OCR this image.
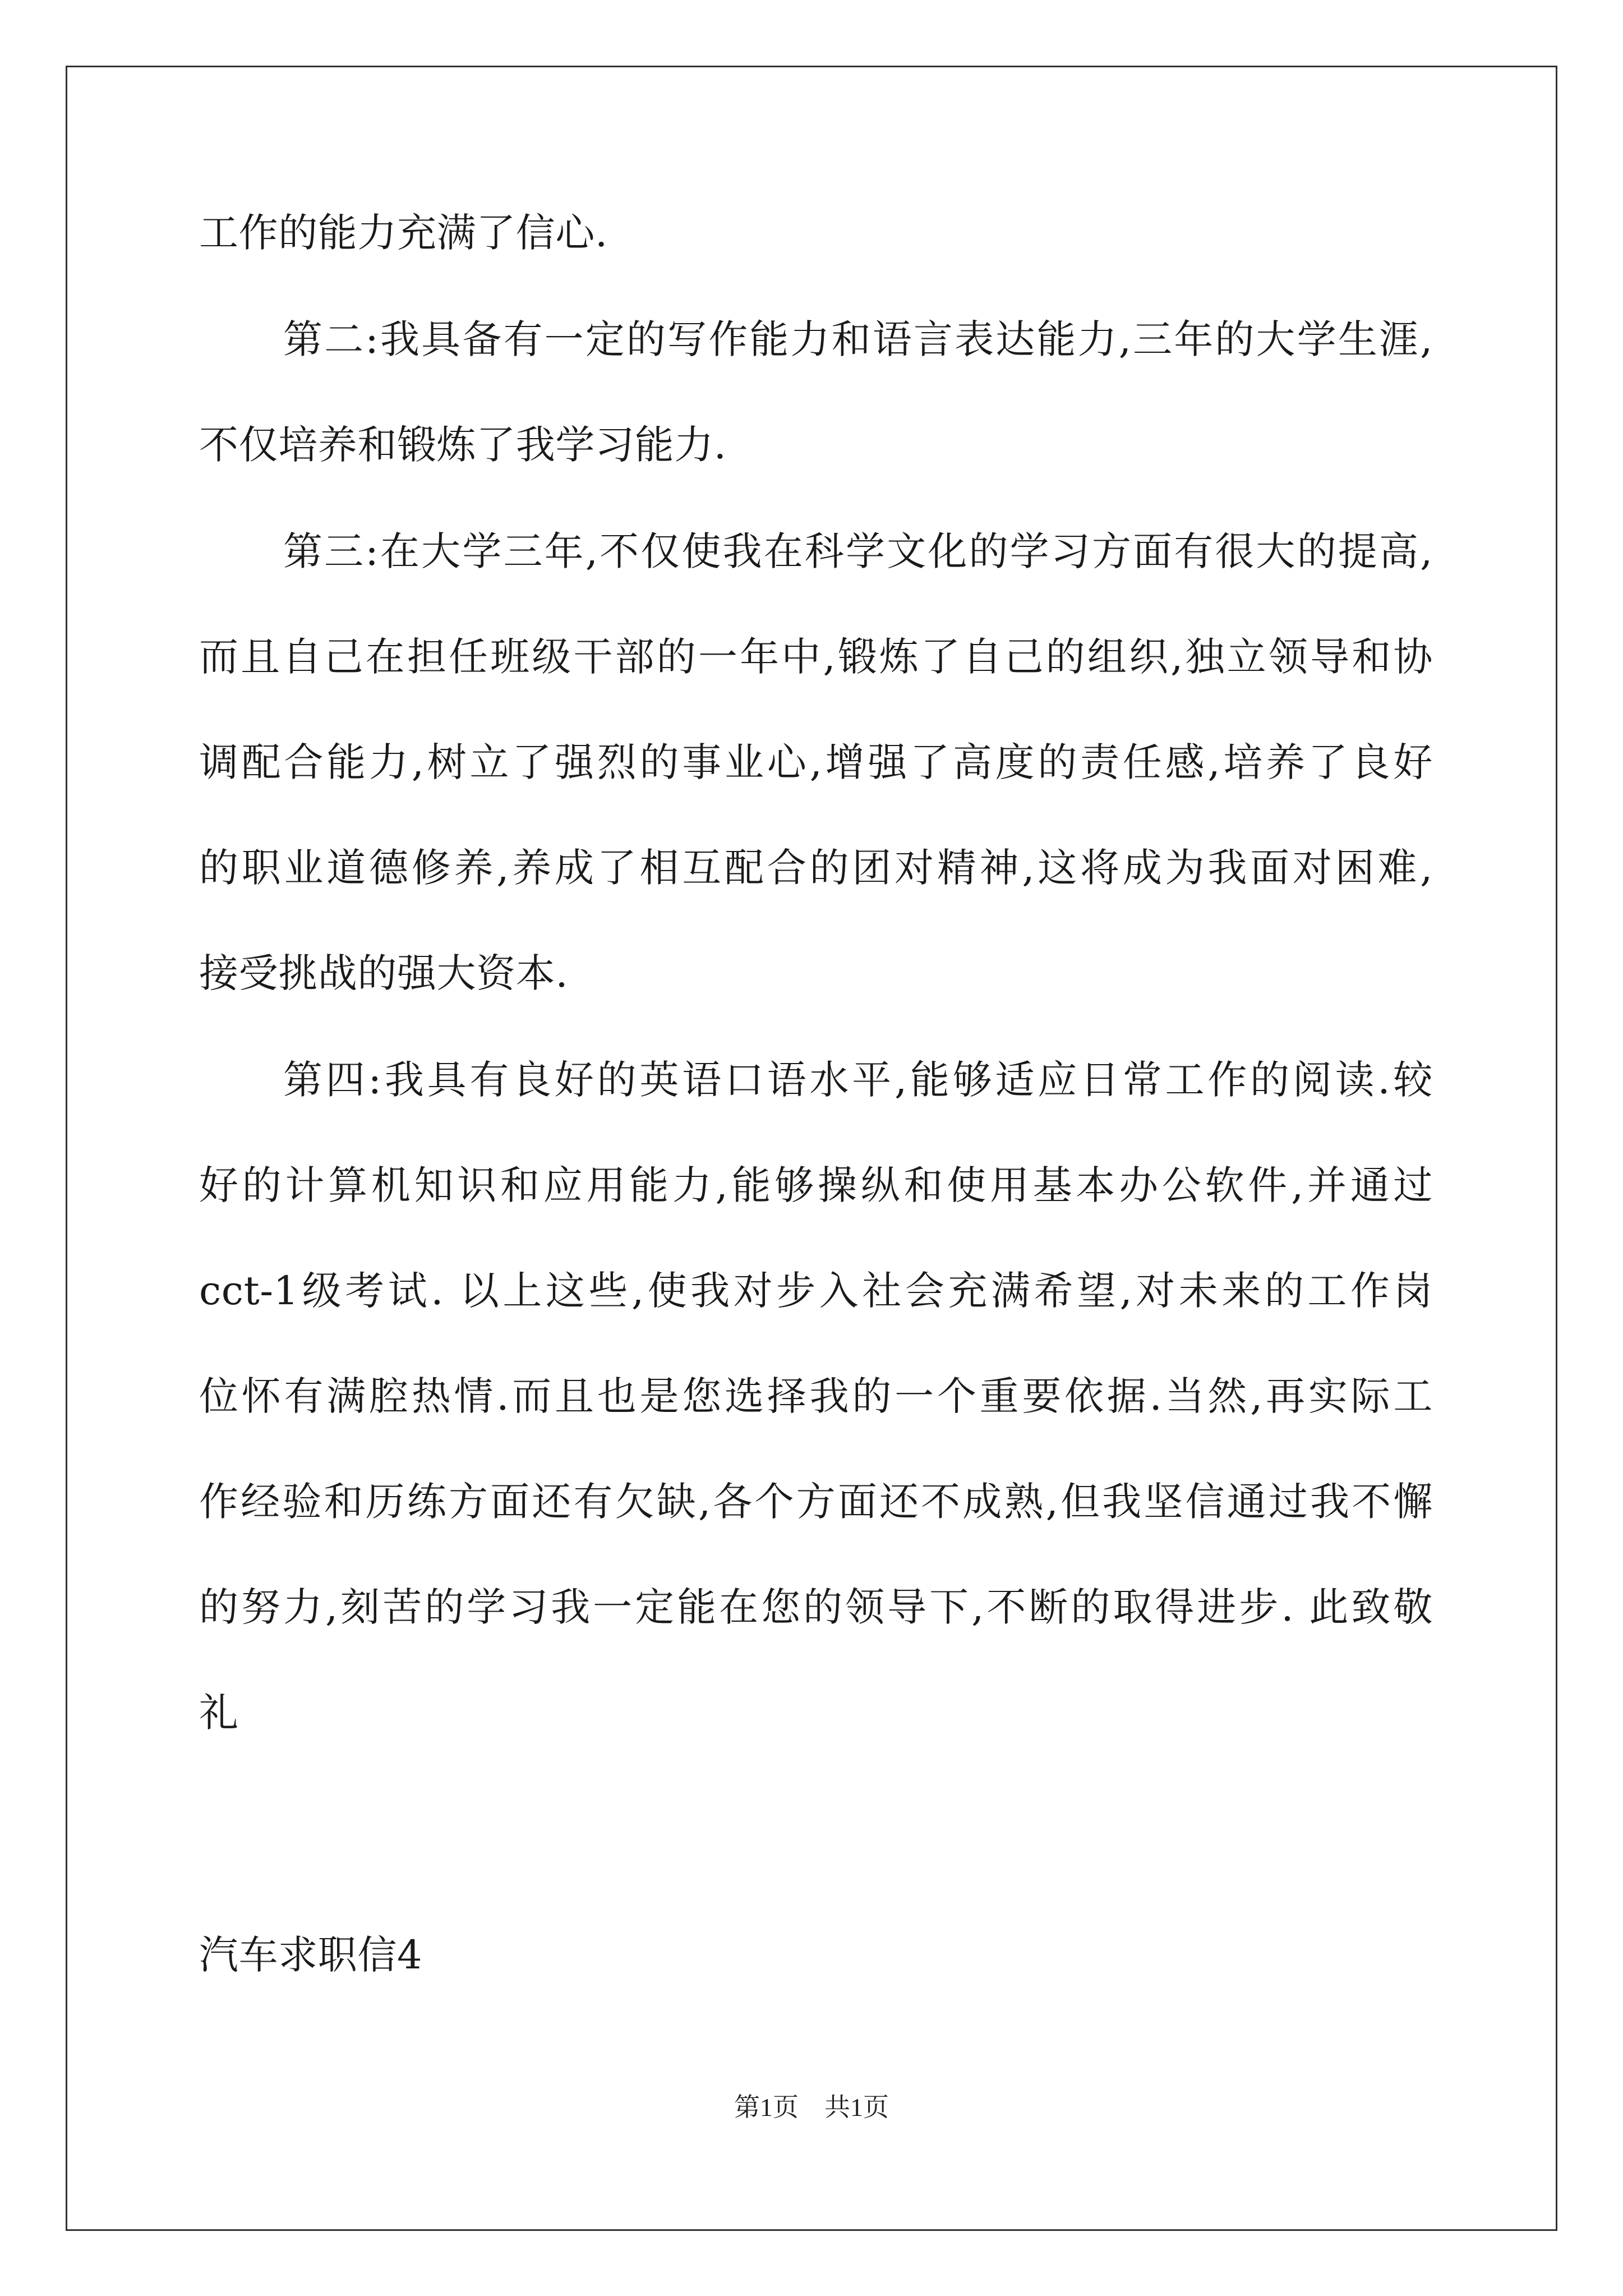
工作的能力充满了信心.
第二:我具备有一定的写作能力和语言表达能力,三年的大学生涯,
不仅培养和锻炼了我学习能力.
第三:在大学三年,不仅使我在科学文化的学习方面有很大的提高,
而且自己在担任班级干部的一年中,锻炼了自己的组织,独立领导和协
调配合能力,树立了强烈的事业心,增强了高度的责任感,培养了良好
的职业道德修养,养成了相互配合的团对精神,这将成为我面对困难,
接受挑战的强大资本.
第四:我具有良好的英语口语水平,能够适应日常工作的阅读.较
好的计算机知识和应用能力,能够操纵和使用基本办公软件,并通过
cct-1级考试. 以上这些,使我对步入社会充满希望,对未来的工作岗
位怀有满腔热情.而且也是您选择我的一个重要依据.当然,再实际工
作经验和历练方面还有欠缺,各个方面还不成熟,但我坚信通过我不懈
的努力,刻苦的学习我一定能在您的领导下,不断的取得进步. 此致敬
礼
汽车求职信4
第1页　共1页
